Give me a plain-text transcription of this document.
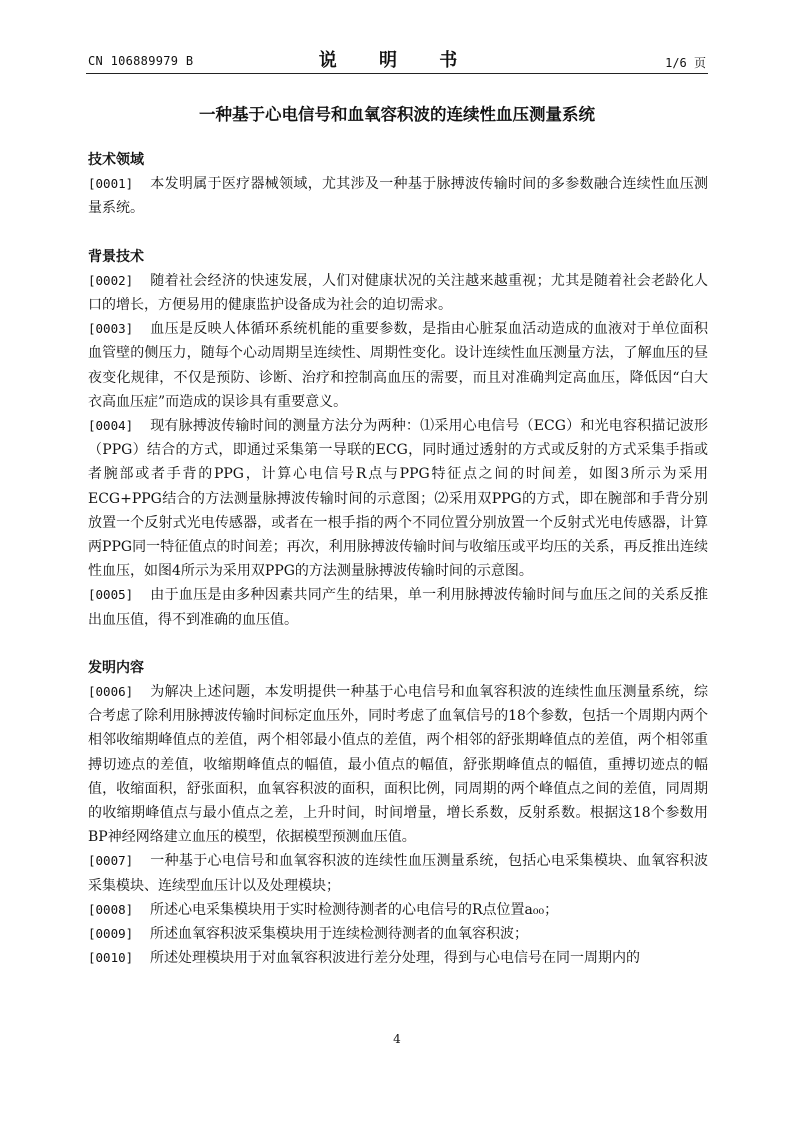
CN 106889979 B	说 明 书	1/6 页
一种基于心电信号和血氧容积波的连续性血压测量系统
技术领域
[0001] 本发明属于医疗器械领域，尤其涉及一种基于脉搏波传输时间的多参数融合连续性血压测量系统。
背景技术
[0002] 随着社会经济的快速发展，人们对健康状况的关注越来越重视；尤其是随着社会老龄化人口的增长，方便易用的健康监护设备成为社会的迫切需求。
[0003] 血压是反映人体循环系统机能的重要参数，是指由心脏泵血活动造成的血液对于单位面积血管壁的侧压力，随每个心动周期呈连续性、周期性变化。设计连续性血压测量方法，了解血压的昼夜变化规律，不仅是预防、诊断、治疗和控制高血压的需要，而且对准确判定高血压，降低因“白大衣高血压症”而造成的误诊具有重要意义。
[0004] 现有脉搏波传输时间的测量方法分为两种：⑴采用心电信号（ECG）和光电容积描记波形（PPG）结合的方式，即通过采集第一导联的ECG，同时通过透射的方式或反射的方式采集手指或者腕部或者手背的PPG，计算心电信号R点与PPG特征点之间的时间差，如图3所示为采用ECG+PPG结合的方法测量脉搏波传输时间的示意图；⑵采用双PPG的方式，即在腕部和手背分别放置一个反射式光电传感器，或者在一根手指的两个不同位置分别放置一个反射式光电传感器，计算两PPG同一特征值点的时间差；再次，利用脉搏波传输时间与收缩压或平均压的关系，再反推出连续性血压，如图4所示为采用双PPG的方法测量脉搏波传输时间的示意图。
[0005] 由于血压是由多种因素共同产生的结果，单一利用脉搏波传输时间与血压之间的关系反推出血压值，得不到准确的血压值。
发明内容
[0006] 为解决上述问题，本发明提供一种基于心电信号和血氧容积波的连续性血压测量系统，综合考虑了除利用脉搏波传输时间标定血压外，同时考虑了血氧信号的18个参数，包括一个周期内两个相邻收缩期峰值点的差值，两个相邻最小值点的差值，两个相邻的舒张期峰值点的差值，两个相邻重搏切迹点的差值，收缩期峰值点的幅值，最小值点的幅值，舒张期峰值点的幅值，重搏切迹点的幅值，收缩面积，舒张面积，血氧容积波的面积，面积比例，同周期的两个峰值点之间的差值，同周期的收缩期峰值点与最小值点之差，上升时间，时间增量，增长系数，反射系数。根据这18个参数用BP神经网络建立血压的模型，依据模型预测血压值。
[0007] 一种基于心电信号和血氧容积波的连续性血压测量系统，包括心电采集模块、血氧容积波采集模块、连续型血压计以及处理模块；
[0008] 所述心电采集模块用于实时检测待测者的心电信号的R点位置a₀₀；
[0009] 所述血氧容积波采集模块用于连续检测待测者的血氧容积波；
[0010] 所述处理模块用于对血氧容积波进行差分处理，得到与心电信号在同一周期内的
4
